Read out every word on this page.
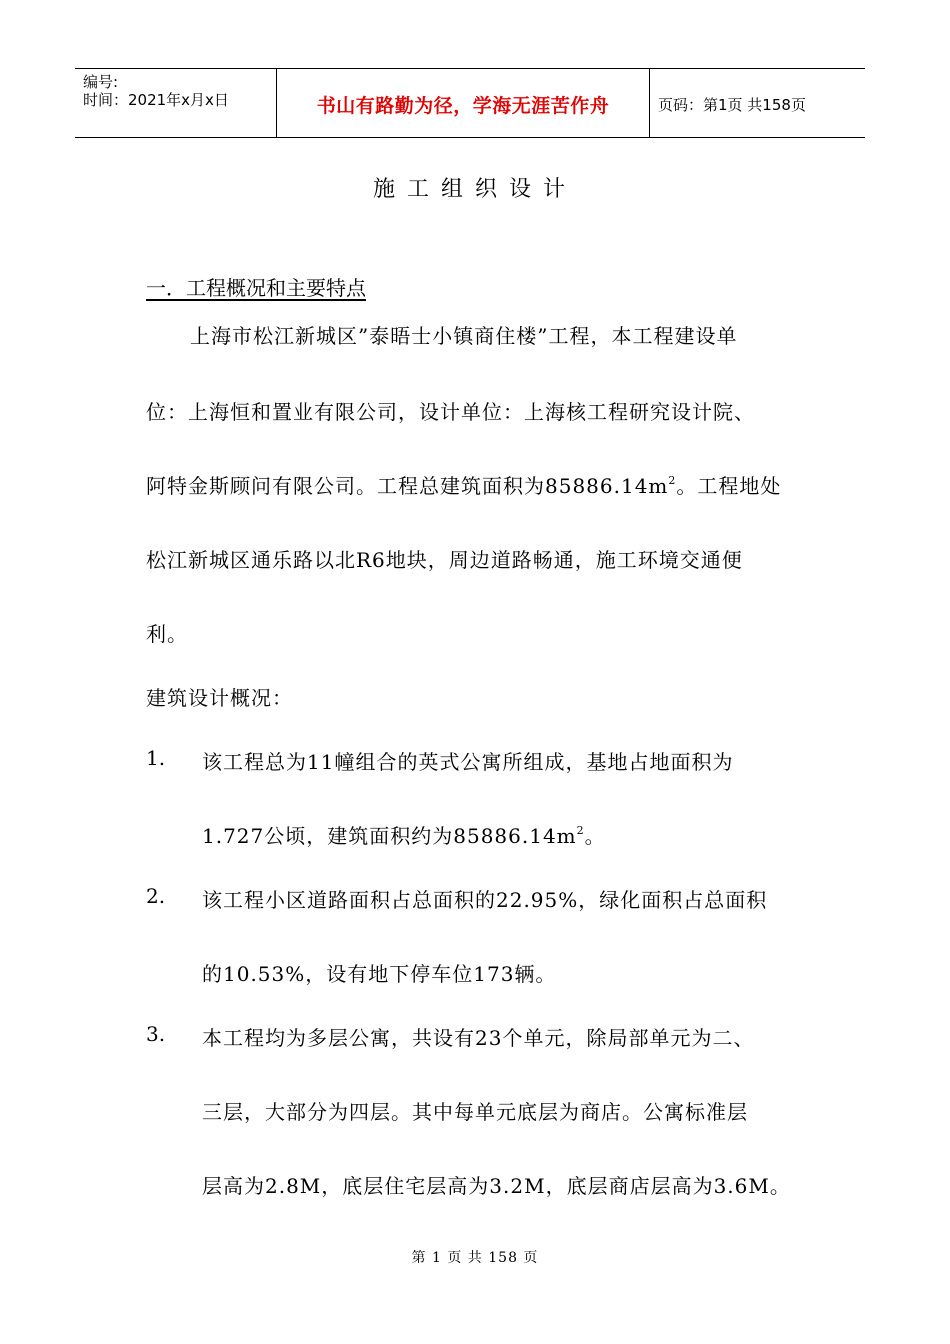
编号:
时间：2021年x月x日	书山有路勤为径，学海无涯苦作舟	页码：第1页 共158页
施工组织设计
一．工程概况和主要特点
上海市松江新城区”泰晤士小镇商住楼”工程，本工程建设单
位：上海恒和置业有限公司，设计单位：上海核工程研究设计院、
阿特金斯顾问有限公司。工程总建筑面积为$85886.14m^2$。工程地处
松江新城区通乐路以北R6地块，周边道路畅通，施工环境交通便
利。
建筑设计概况：
1. 该工程总为11幢组合的英式公寓所组成，基地占地面积为
1.727公顷，建筑面积约为$85886.14m^2$。
2. 该工程小区道路面积占总面积的22.95%，绿化面积占总面积
的10.53%，设有地下停车位173辆。
3. 本工程均为多层公寓，共设有23个单元，除局部单元为二、
三层，大部分为四层。其中每单元底层为商店。公寓标准层
层高为2.8M，底层住宅层高为3.2M，底层商店层高为3.6M。
第 1 页 共 158 页
